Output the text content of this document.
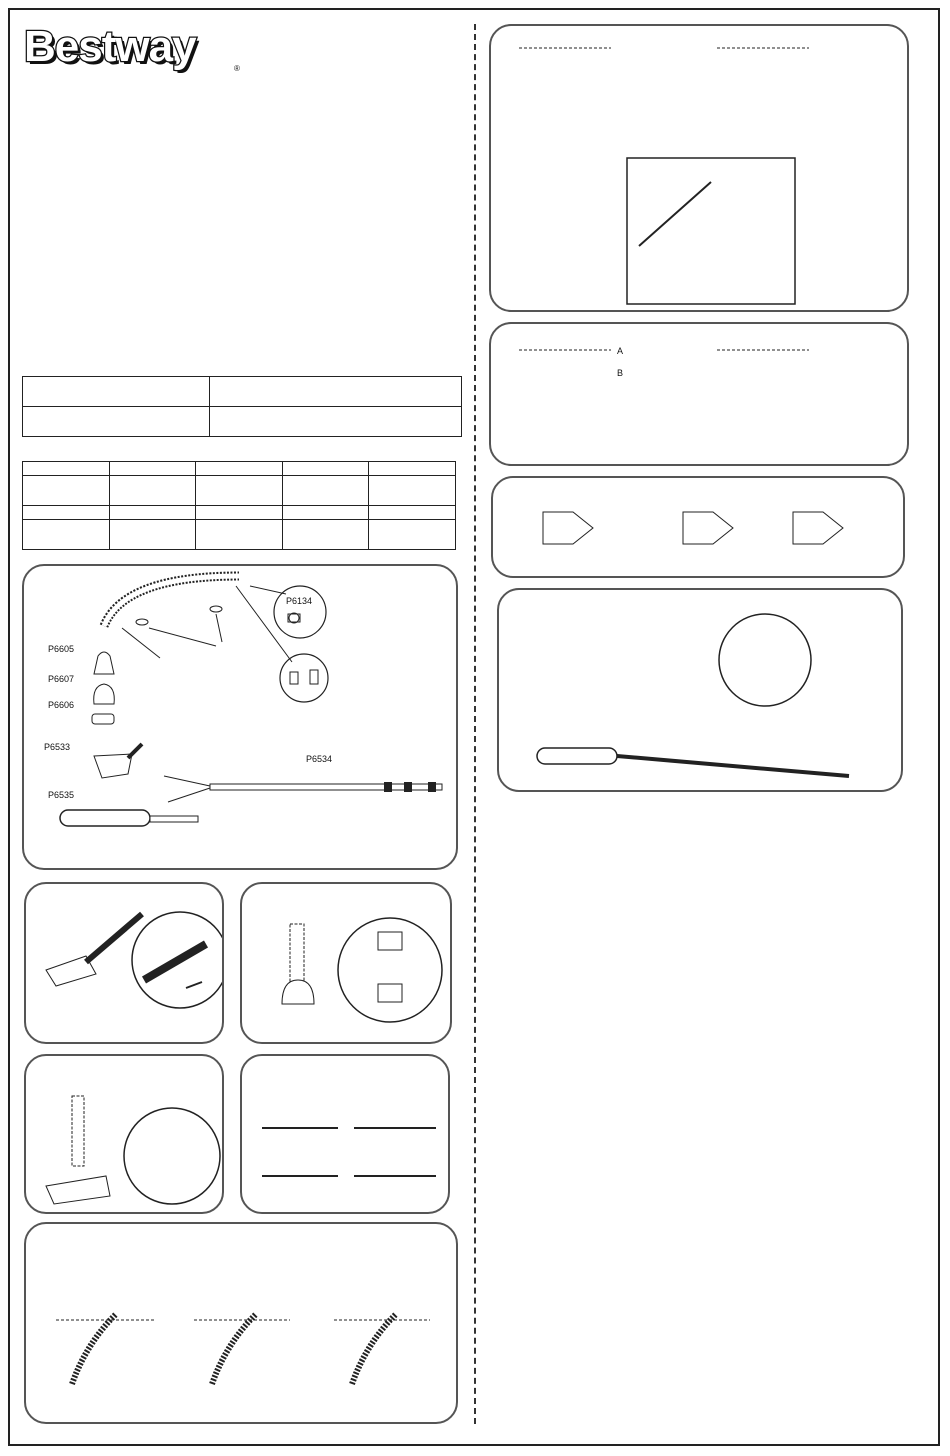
Bestway	®

P6134
P6605
P6607
P6606
P6533
P6534
P6535
A
B
